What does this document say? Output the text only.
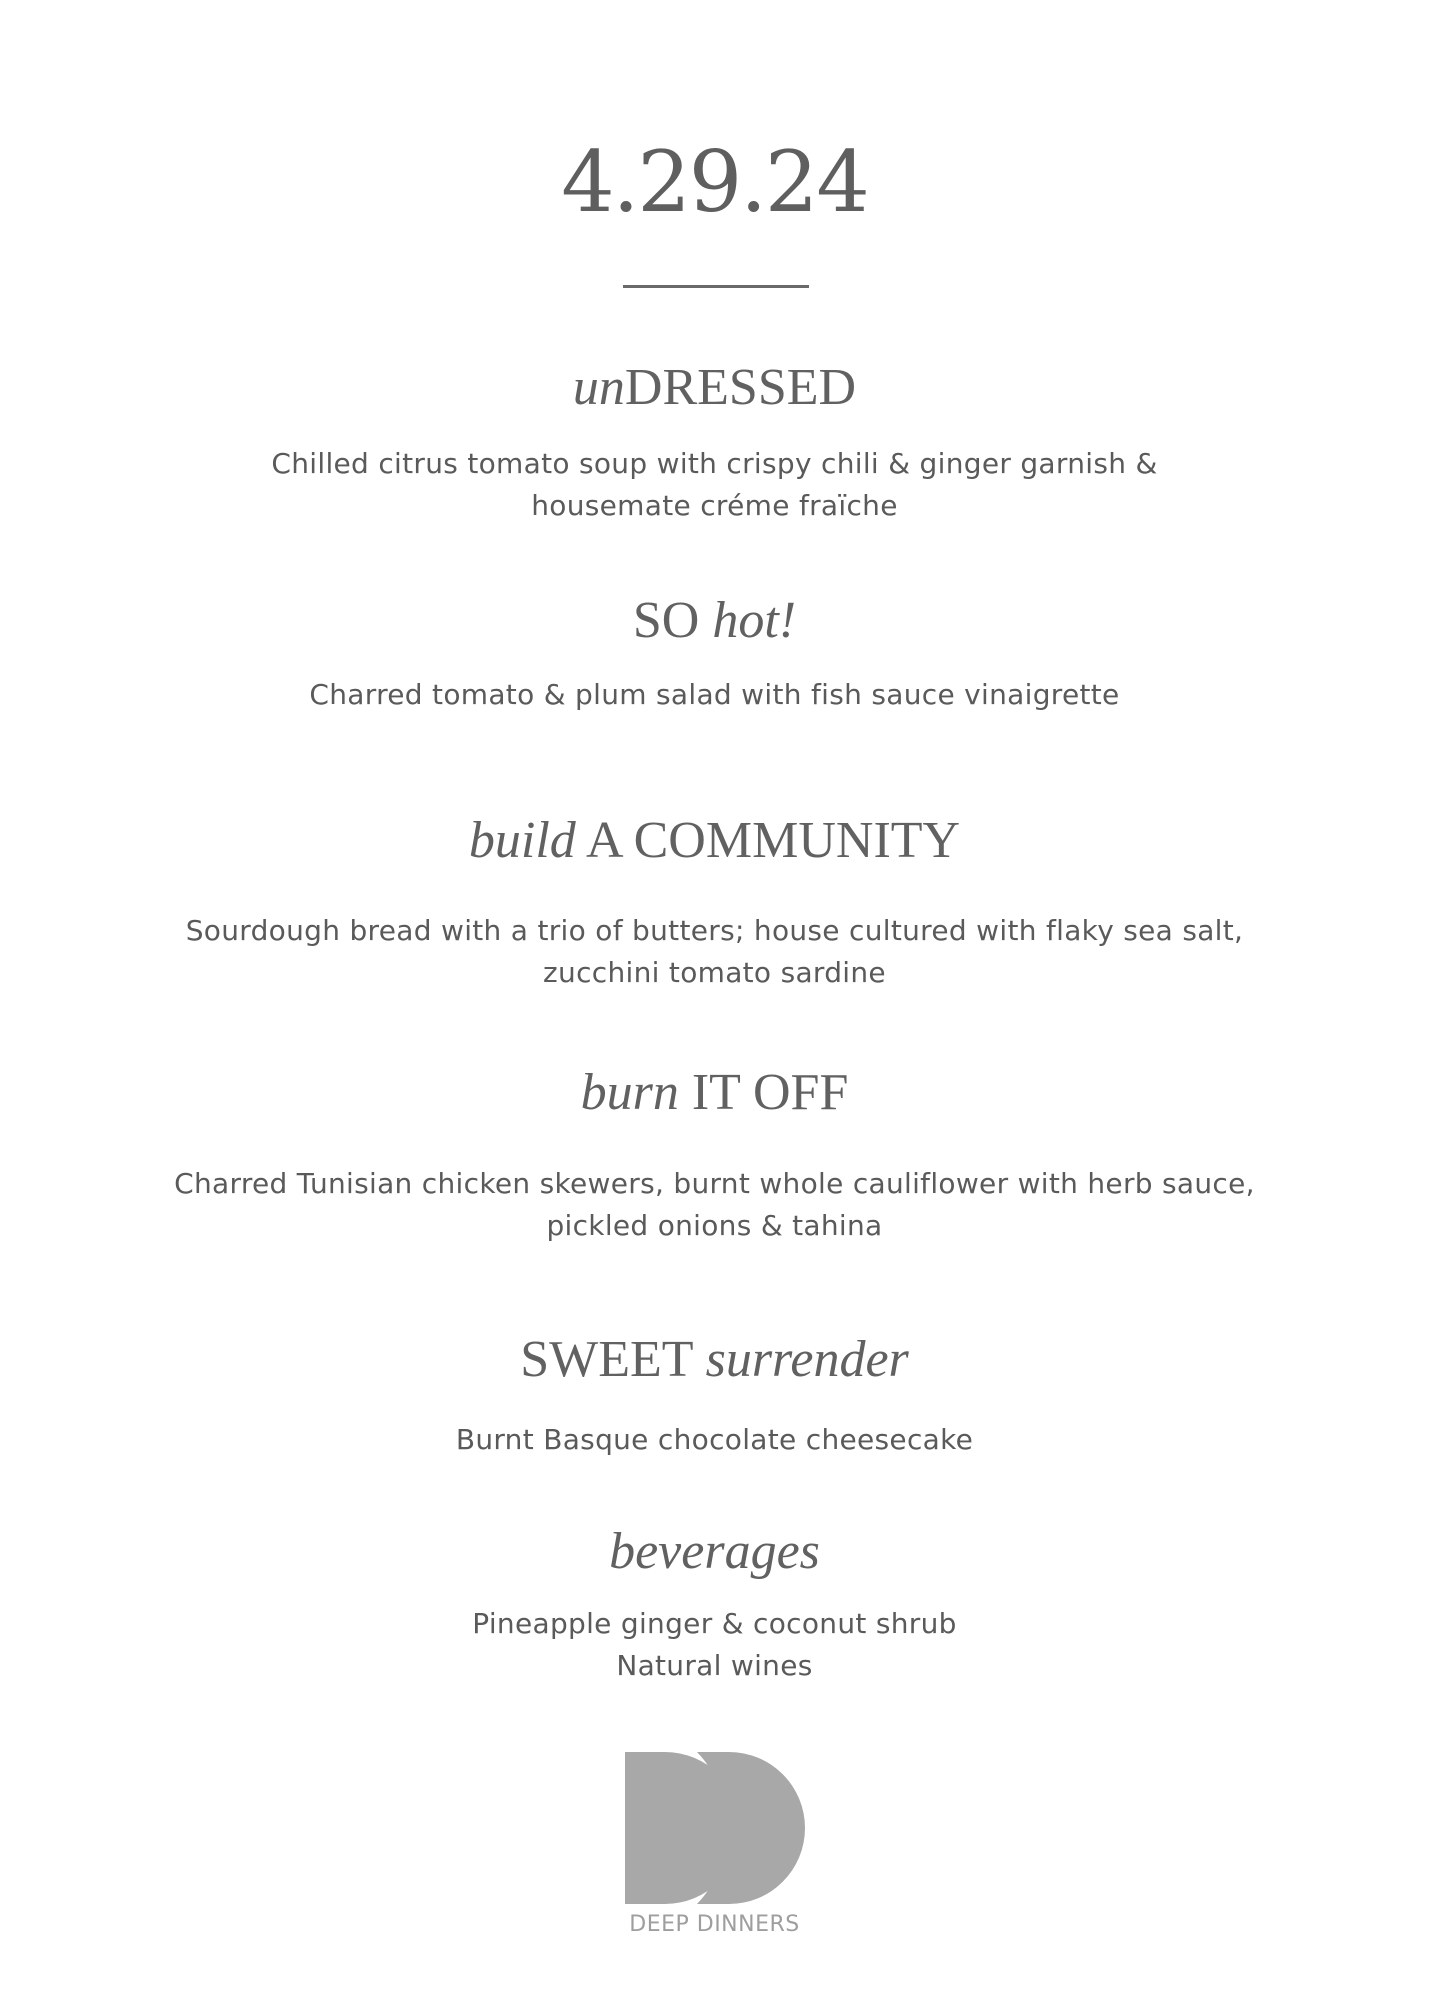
4.29.24
unDRESSED
Chilled citrus tomato soup with crispy chili & ginger garnish &
housemate créme fraïche
SO hot!
Charred tomato & plum salad with fish sauce vinaigrette
build A COMMUNITY
Sourdough bread with a trio of butters; house cultured with flaky sea salt,
zucchini tomato sardine
burn IT OFF
Charred Tunisian chicken skewers, burnt whole cauliflower with herb sauce,
pickled onions & tahina
SWEET surrender
Burnt Basque chocolate cheesecake
beverages
Pineapple ginger & coconut shrub
Natural wines
DEEP DINNERS
